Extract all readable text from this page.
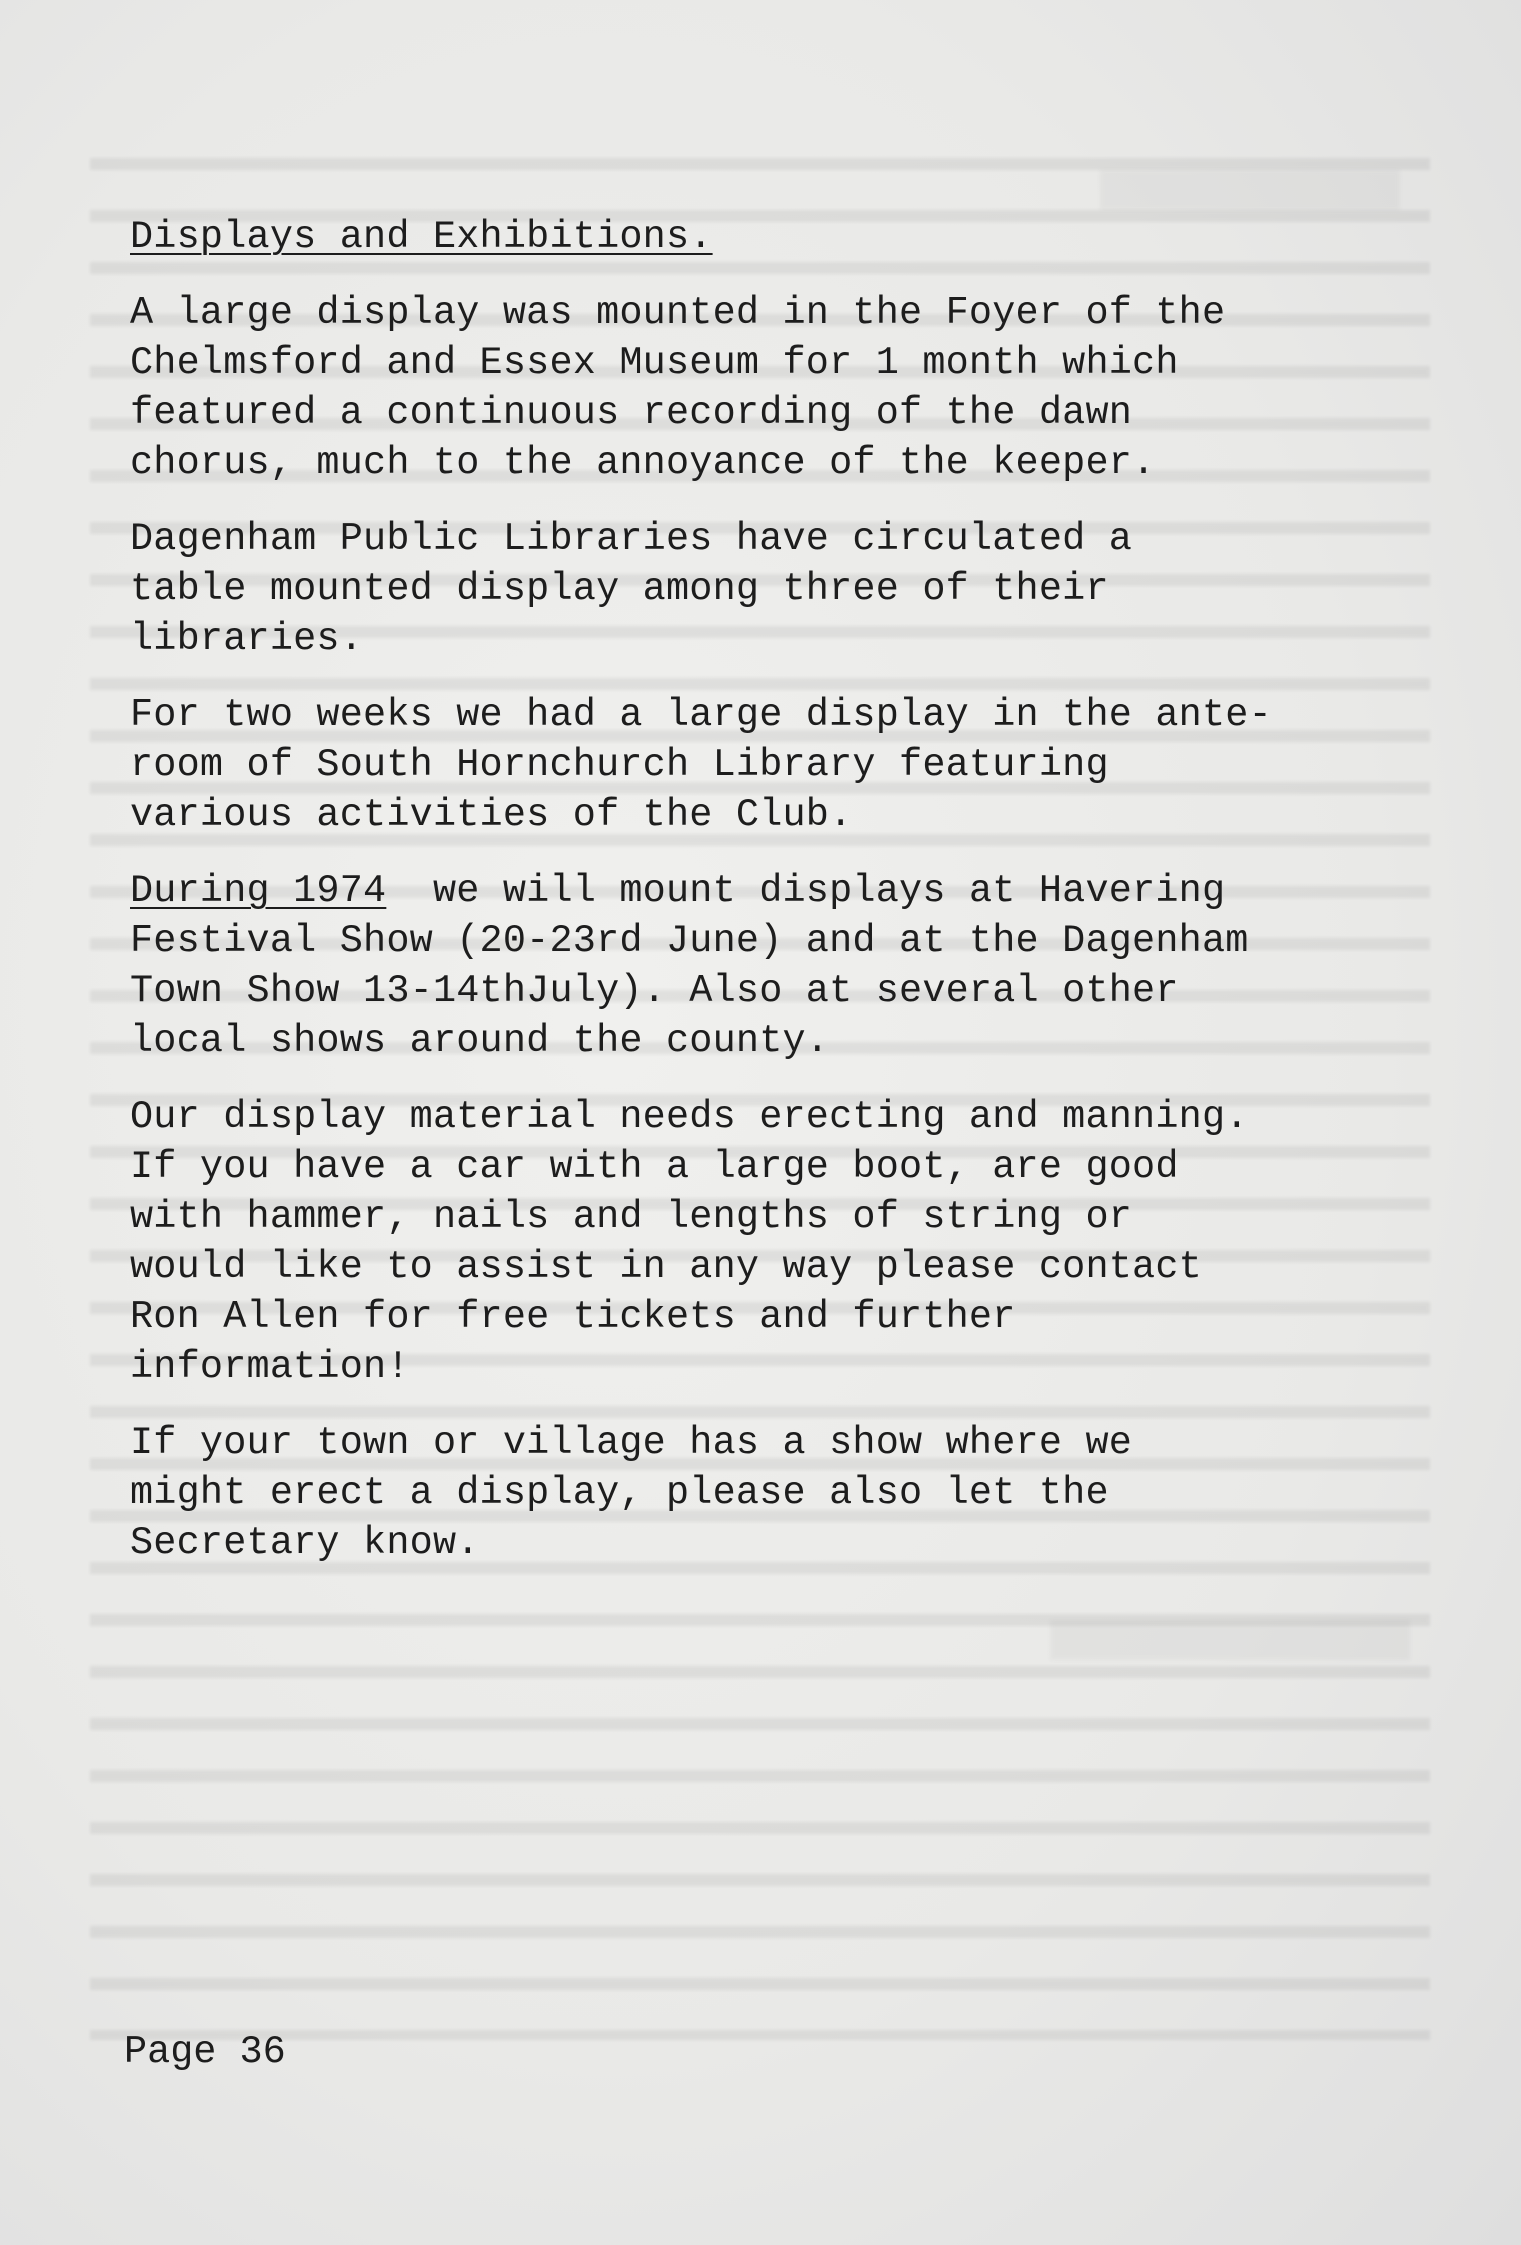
Displays and Exhibitions.
A large display was mounted in the Foyer of the
Chelmsford and Essex Museum for 1 month which
featured a continuous recording of the dawn
chorus, much to the annoyance of the keeper.
Dagenham Public Libraries have circulated a
table mounted display among three of their
libraries.
For two weeks we had a large display in the ante-
room of South Hornchurch Library featuring
various activities of the Club.
During 1974  we will mount displays at Havering
Festival Show (20-23rd June) and at the Dagenham
Town Show 13-14thJuly). Also at several other
local shows around the county.
Our display material needs erecting and manning.
If you have a car with a large boot, are good
with hammer, nails and lengths of string or
would like to assist in any way please contact
Ron Allen for free tickets and further
information!
If your town or village has a show where we
might erect a display, please also let the
Secretary know.
Page 36
